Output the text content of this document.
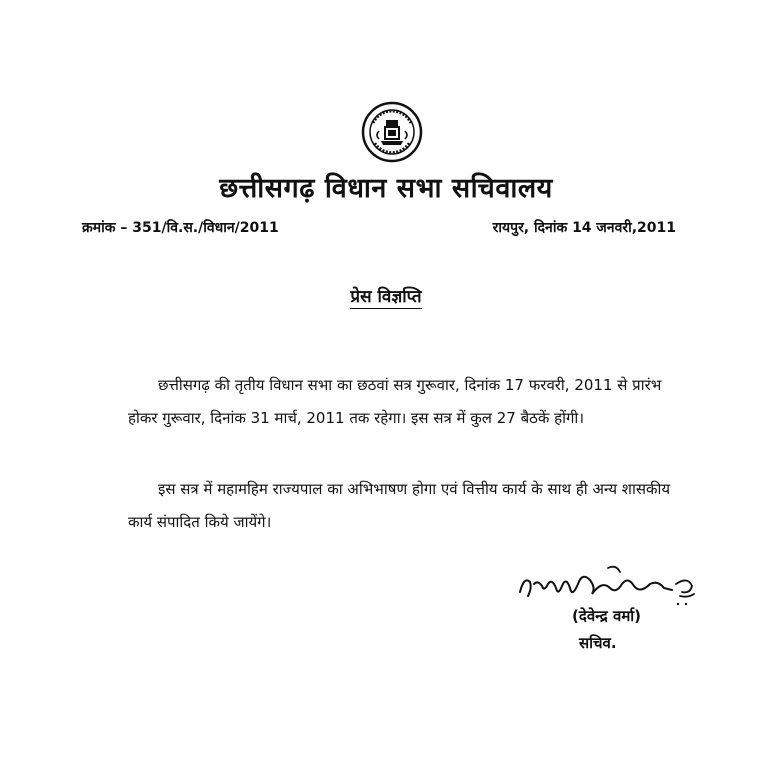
छत्तीसगढ़ विधान सभा सचिवालय
क्रमांक – 351/वि.स./विधान/2011	रायपुर, दिनांक 14 जनवरी,2011
प्रेस विज्ञप्ति
छत्तीसगढ़ की तृतीय विधान सभा का छठवां सत्र गुरूवार, दिनांक 17 फरवरी, 2011 से प्रारंभ होकर गुरूवार, दिनांक 31 मार्च, 2011 तक रहेगा। इस सत्र में कुल 27 बैठकें होंगी।
इस सत्र में महामहिम राज्यपाल का अभिभाषण होगा एवं वित्तीय कार्य के साथ ही अन्य शासकीय कार्य संपादित किये जायेंगे।
(देवेन्द्र वर्मा)
सचिव.
